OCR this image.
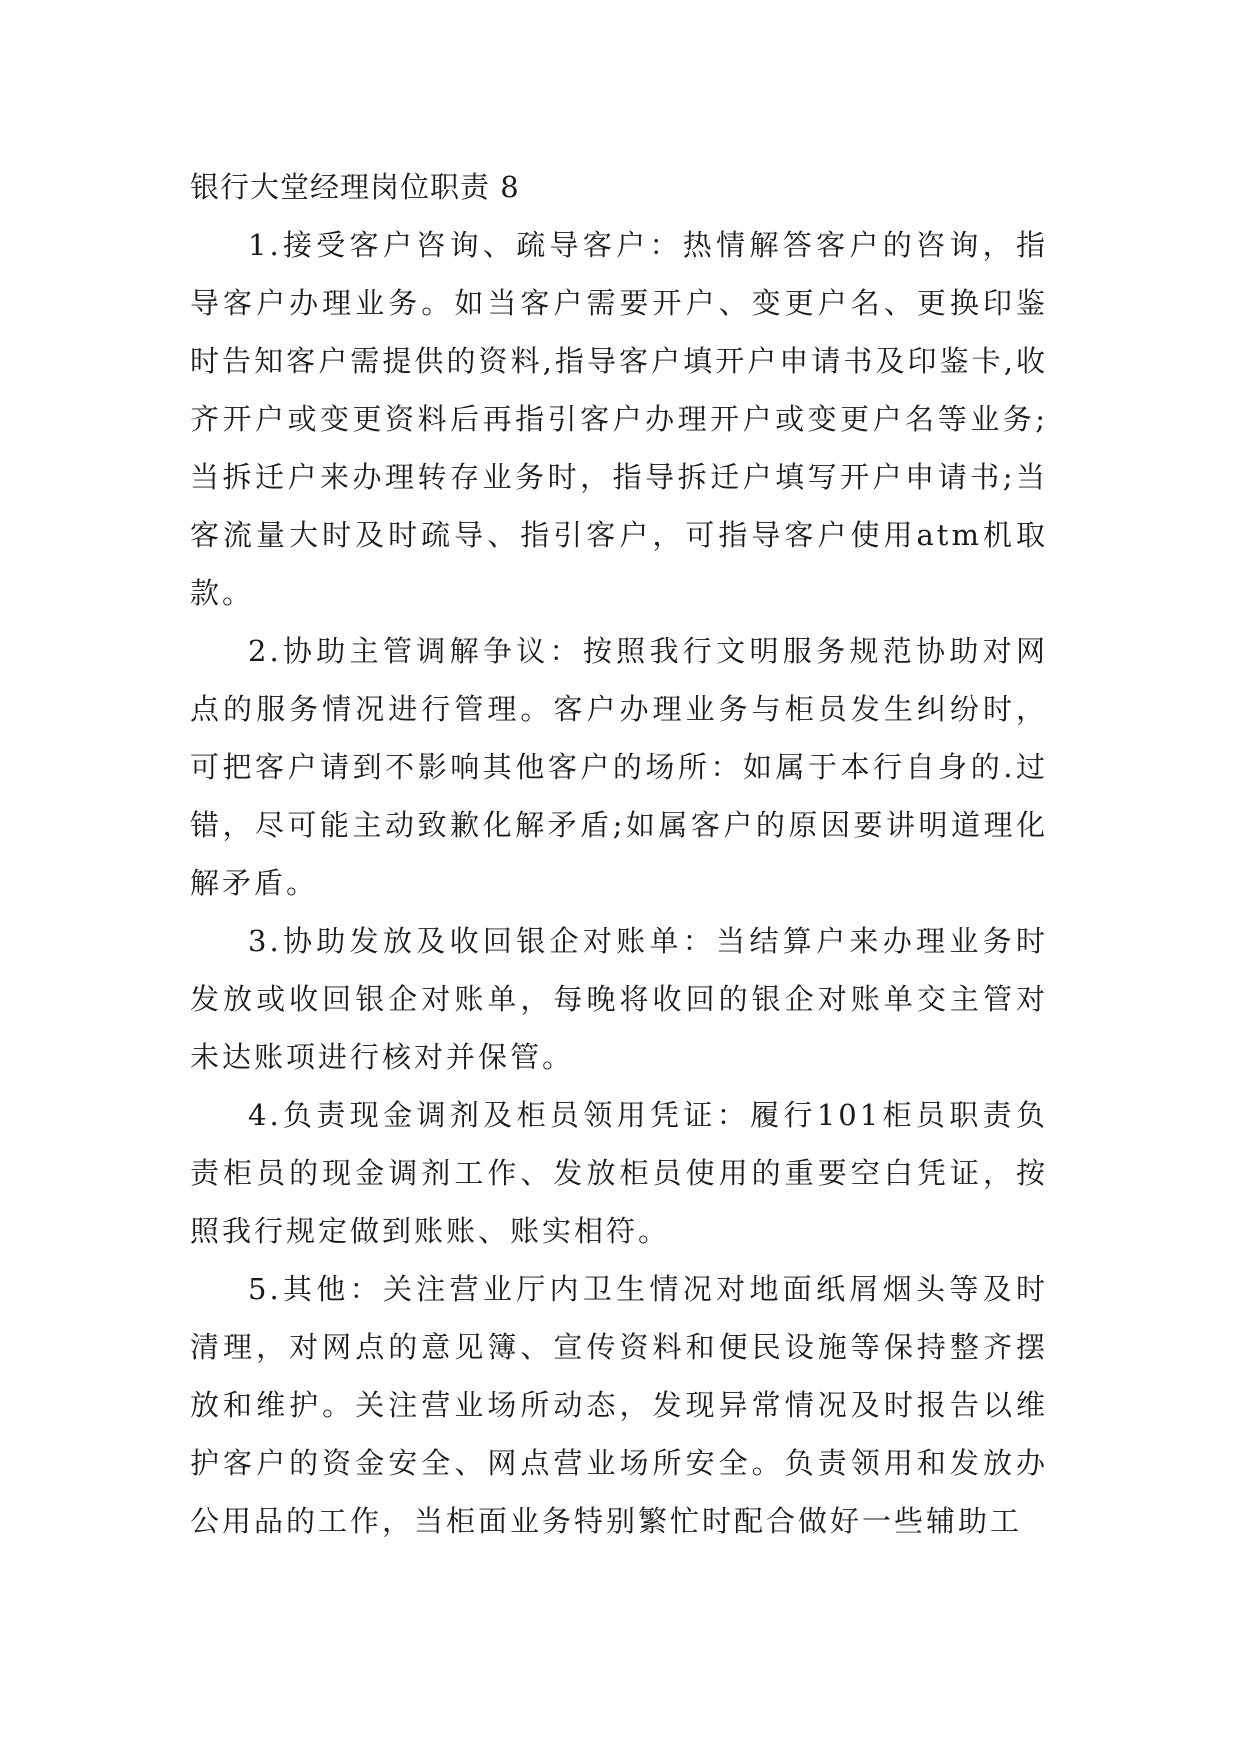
银行大堂经理岗位职责 8

1.接受客户咨询、疏导客户：热情解答客户的咨询，指导客户办理业务。如当客户需要开户、变更户名、更换印鉴时告知客户需提供的资料,指导客户填开户申请书及印鉴卡,收齐开户或变更资料后再指引客户办理开户或变更户名等业务;当拆迁户来办理转存业务时，指导拆迁户填写开户申请书;当客流量大时及时疏导、指引客户，可指导客户使用atm机取款。

2.协助主管调解争议：按照我行文明服务规范协助对网点的服务情况进行管理。客户办理业务与柜员发生纠纷时，可把客户请到不影响其他客户的场所：如属于本行自身的.过错，尽可能主动致歉化解矛盾;如属客户的原因要讲明道理化解矛盾。

3.协助发放及收回银企对账单：当结算户来办理业务时发放或收回银企对账单，每晚将收回的银企对账单交主管对未达账项进行核对并保管。

4.负责现金调剂及柜员领用凭证：履行101柜员职责负责柜员的现金调剂工作、发放柜员使用的重要空白凭证，按照我行规定做到账账、账实相符。

5.其他：关注营业厅内卫生情况对地面纸屑烟头等及时清理，对网点的意见簿、宣传资料和便民设施等保持整齐摆放和维护。关注营业场所动态，发现异常情况及时报告以维护客户的资金安全、网点营业场所安全。负责领用和发放办公用品的工作，当柜面业务特别繁忙时配合做好一些辅助工
